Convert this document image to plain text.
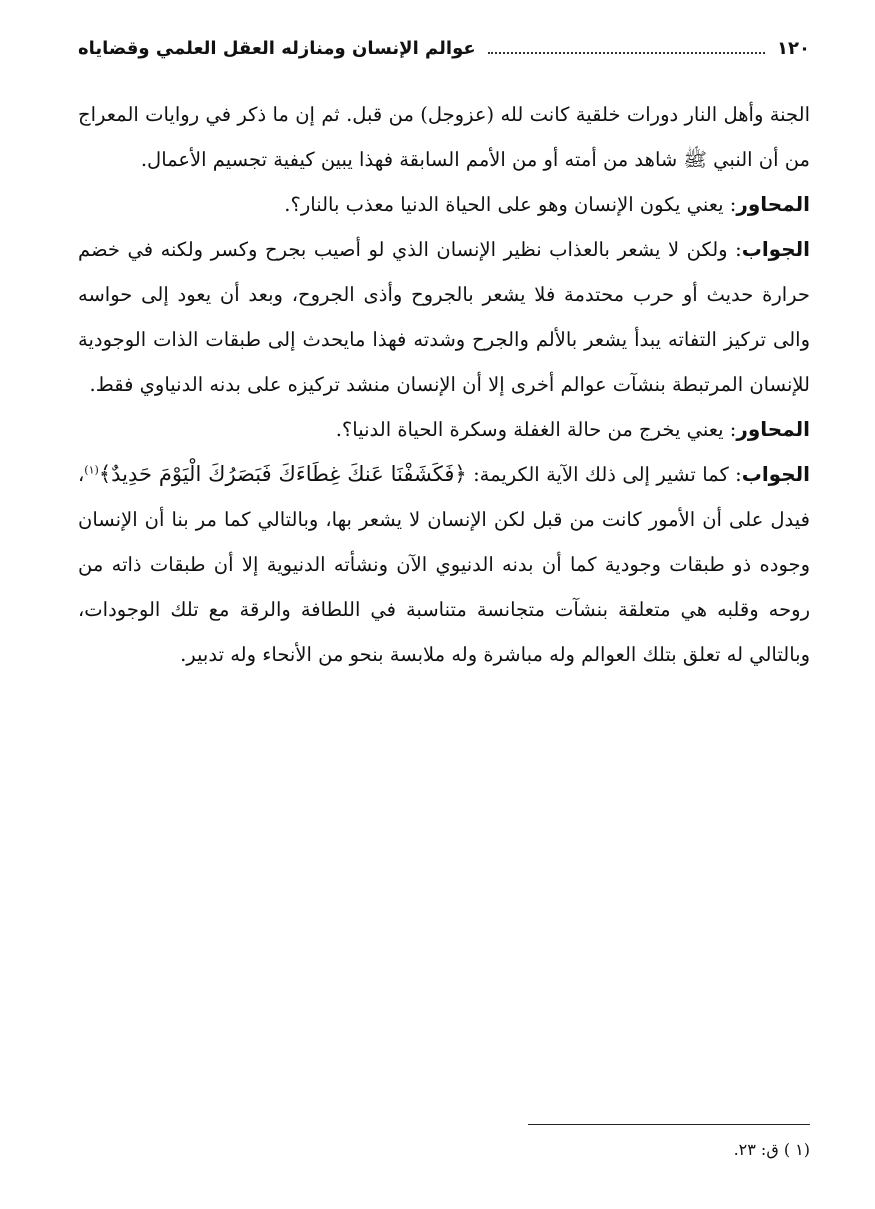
١٢٠
عوالم الإنسان ومنازله العقل العلمي وقضاياه

الجنة وأهل النار دورات خلقية كانت لله (عزوجل) من قبل. ثم إن ما ذكر في روايات المعراج من أن النبي ﷺ شاهد من أمته أو من الأمم السابقة فهذا يبين كيفية تجسيم الأعمال.

المحاور: يعني يكون الإنسان وهو على الحياة الدنيا معذب بالنار؟.

الجواب: ولكن لا يشعر بالعذاب نظير الإنسان الذي لو أصيب بجرح وكسر ولكنه في خضم حرارة حديث أو حرب محتدمة فلا يشعر بالجروح وأذى الجروح، وبعد أن يعود إلى حواسه والى تركيز التفاته يبدأ يشعر بالألم والجرح وشدته فهذا مايحدث إلى طبقات الذات الوجودية للإنسان المرتبطة بنشآت عوالم أخرى إلا أن الإنسان منشد تركيزه على بدنه الدنياوي فقط.

المحاور: يعني يخرج من حالة الغفلة وسكرة الحياة الدنيا؟.

الجواب: كما تشير إلى ذلك الآية الكريمة: ﴿فَكَشَفْنَا عَنكَ غِطَاءَكَ فَبَصَرُكَ الْيَوْمَ حَدِيدٌ﴾$^{(١)}$، فيدل على أن الأمور كانت من قبل لكن الإنسان لا يشعر بها، وبالتالي كما مر بنا أن الإنسان وجوده ذو طبقات وجودية كما أن بدنه الدنيوي الآن ونشأته الدنيوية إلا أن طبقات ذاته من روحه وقلبه هي متعلقة بنشآت متجانسة متناسبة في اللطافة والرقة مع تلك الوجودات، وبالتالي له تعلق بتلك العوالم وله مباشرة وله ملابسة بنحو من الأنحاء وله تدبير.

(١ ) ق: ٢٣.
